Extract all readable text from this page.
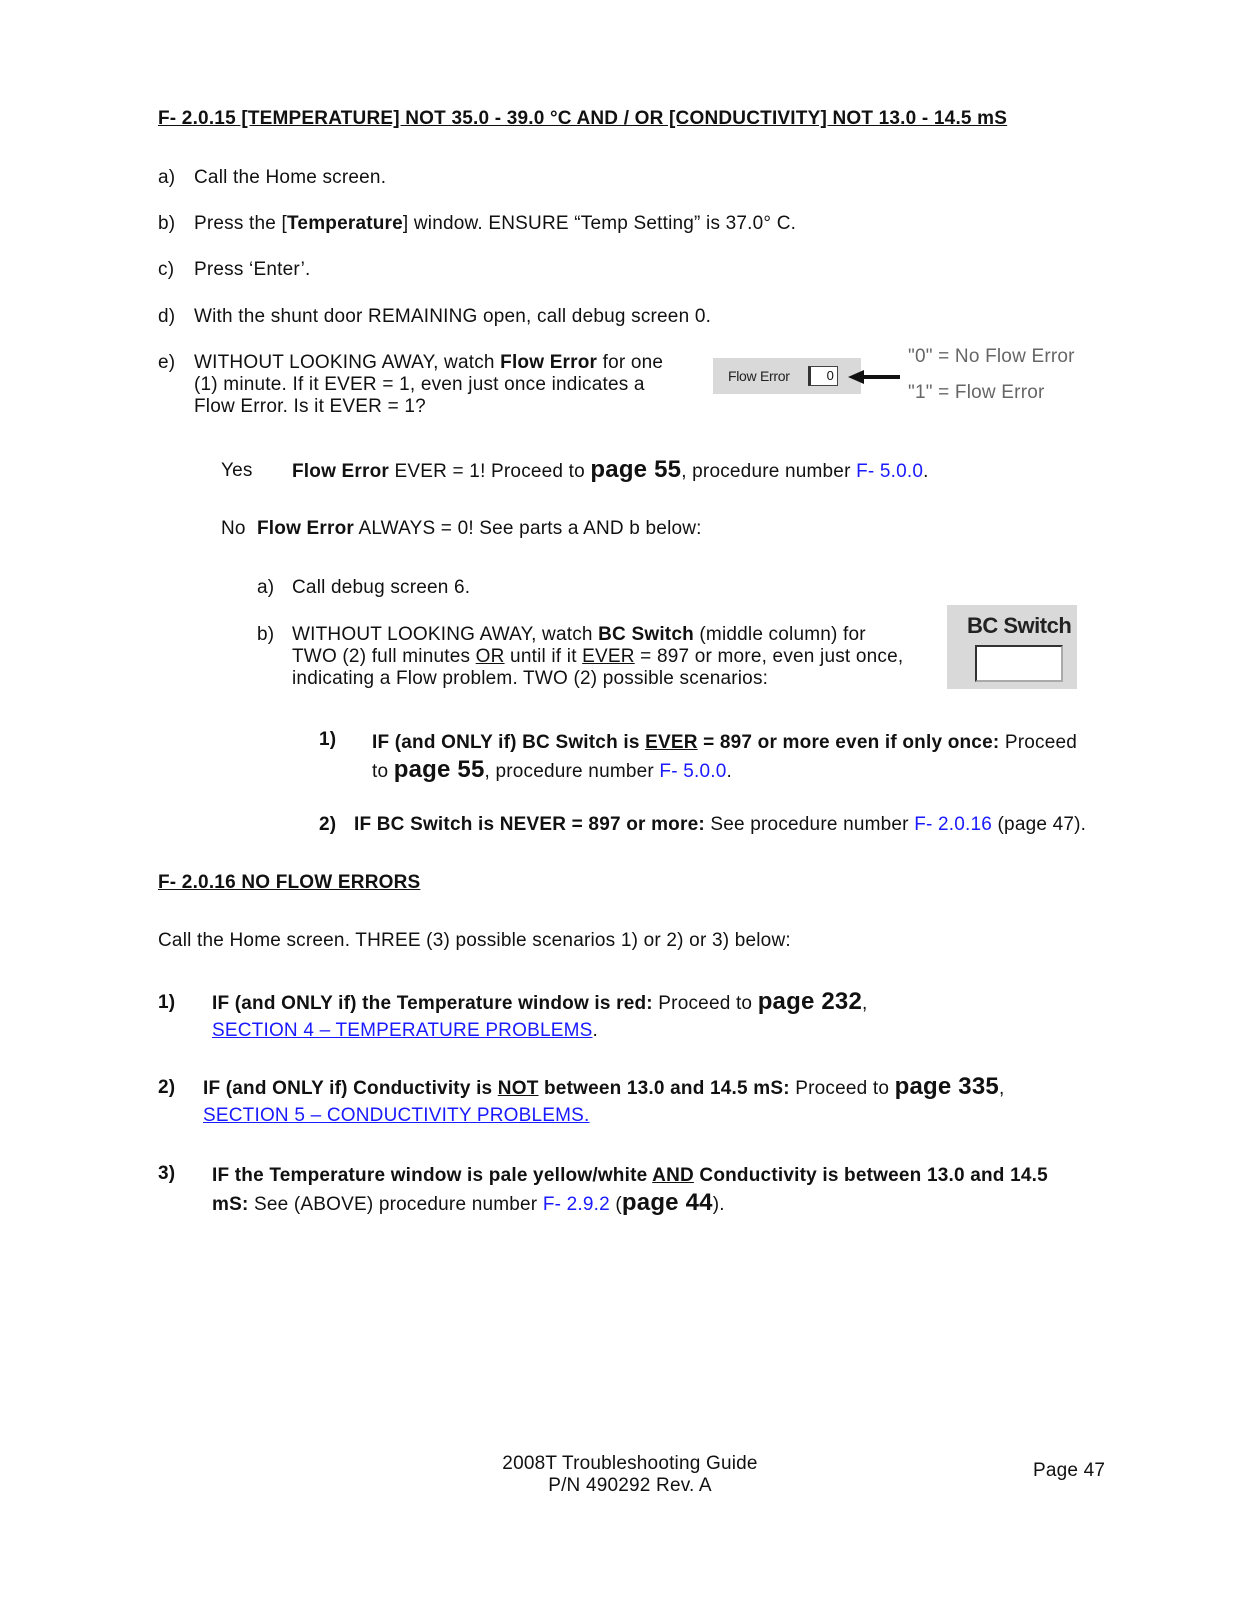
F- 2.0.15 [TEMPERATURE] NOT 35.0 - 39.0 °C AND / OR [CONDUCTIVITY] NOT 13.0 - 14.5 mS
a) Call the Home screen.
b) Press the [Temperature] window. ENSURE “Temp Setting” is 37.0° C.
c) Press ‘Enter’.
d) With the shunt door REMAINING open, call debug screen 0.
e) WITHOUT LOOKING AWAY, watch Flow Error for one
(1) minute. If it EVER = 1, even just once indicates a
Flow Error. Is it EVER = 1?
Flow Error	0
"0" = No Flow Error
"1" = Flow Error
Yes Flow Error EVER = 1! Proceed to page 55, procedure number F- 5.0.0.
No Flow Error ALWAYS = 0! See parts a AND b below:
a) Call debug screen 6.
b) WITHOUT LOOKING AWAY, watch BC Switch (middle column) for
TWO (2) full minutes OR until if it EVER = 897 or more, even just once,
indicating a Flow problem. TWO (2) possible scenarios:
BC Switch
1) IF (and ONLY if) BC Switch is EVER = 897 or more even if only once: Proceed
to page 55, procedure number F- 5.0.0.
2) IF BC Switch is NEVER = 897 or more: See procedure number F- 2.0.16 (page 47).
F- 2.0.16 NO FLOW ERRORS
Call the Home screen. THREE (3) possible scenarios 1) or 2) or 3) below:
1) IF (and ONLY if) the Temperature window is red: Proceed to page 232,
SECTION 4 – TEMPERATURE PROBLEMS.
2) IF (and ONLY if) Conductivity is NOT between 13.0 and 14.5 mS: Proceed to page 335,
SECTION 5 – CONDUCTIVITY PROBLEMS.
3) IF the Temperature window is pale yellow/white AND Conductivity is between 13.0 and 14.5
mS: See (ABOVE) procedure number F- 2.9.2 (page 44).
2008T Troubleshooting Guide
P/N 490292 Rev. A
Page 47
